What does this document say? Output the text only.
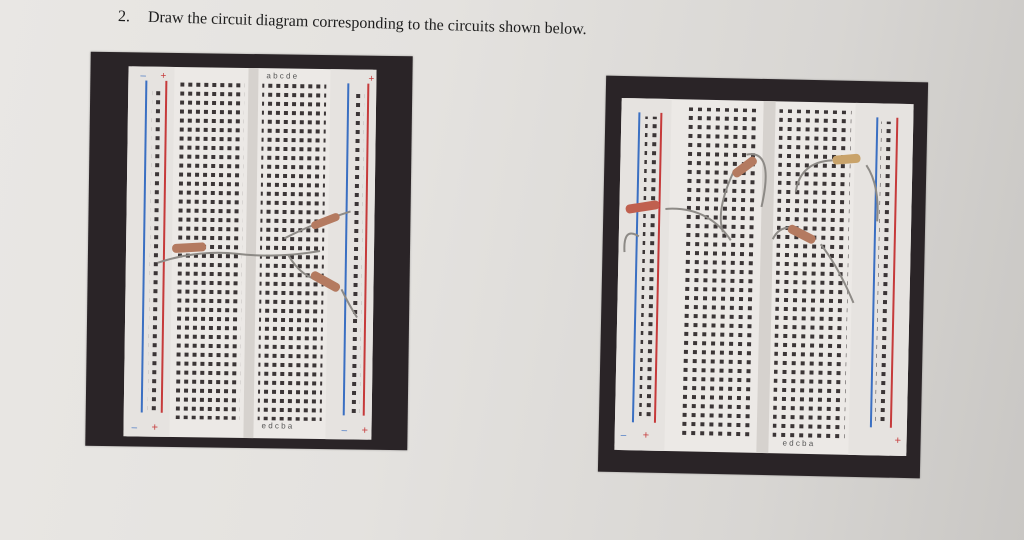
2. Draw the circuit diagram corresponding to the circuits shown below.
– +	+
a b c d e
– +	– +
e d c b a
– +	+
e d c b a
